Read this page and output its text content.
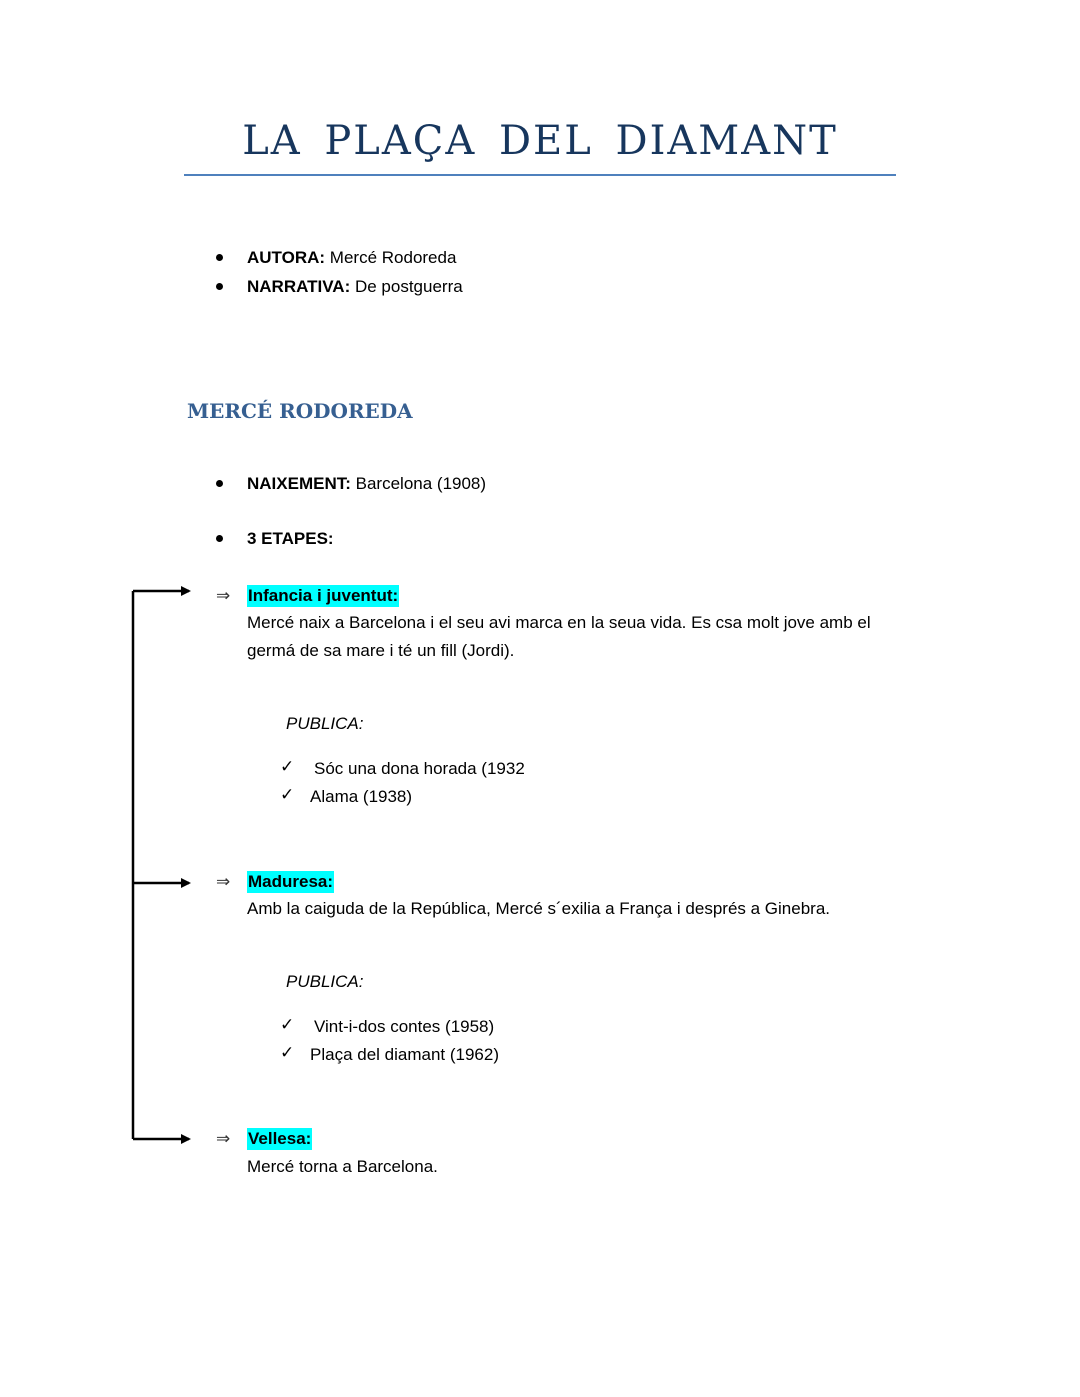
LA PLAÇA DEL DIAMANT
AUTORA: Mercé Rodoreda
NARRATIVA: De postguerra
MERCÉ RODOREDA
NAIXEMENT: Barcelona (1908)
3 ETAPES:
⇒ Infancia i juventut:

Mercé naix a Barcelona i el seu avi marca en la seua vida. Es csa molt jove amb el germá de sa mare i té un fill (Jordi).

PUBLICA:
✓ Sóc una dona horada (1932
✓ Alama (1938)
⇒ Maduresa:

Amb la caiguda de la República, Mercé s´exilia a França i després a Ginebra.

PUBLICA:
✓ Vint-i-dos contes (1958)
✓ Plaça del diamant (1962)
⇒ Vellesa:

Mercé torna a Barcelona.
